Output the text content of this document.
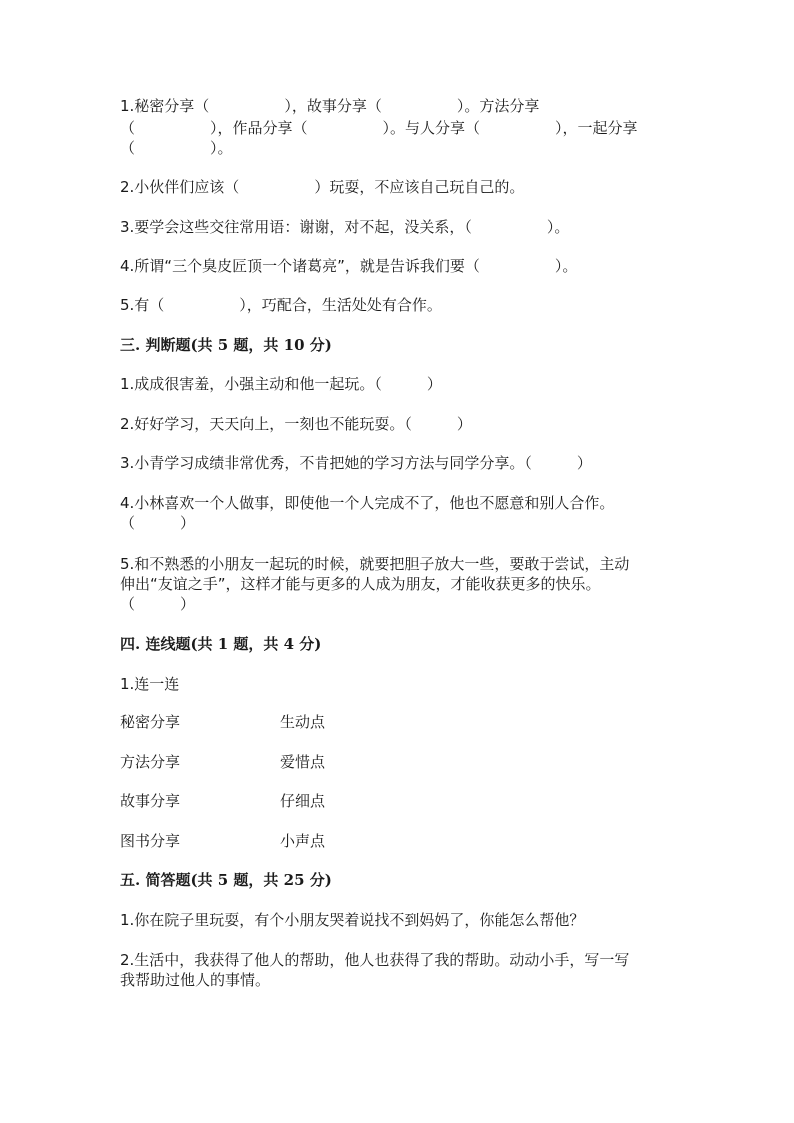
1.秘密分享（　　　　　），故事分享（　　　　　）。方法分享
（　　　　　），作品分享（　　　　　）。与人分享（　　　　　），一起分享
（　　　　　）。
2.小伙伴们应该（　　　　　）玩耍，不应该自己玩自己的。
3.要学会这些交往常用语：谢谢，对不起，没关系，（　　　　　）。
4.所谓“三个臭皮匠顶一个诸葛亮”，就是告诉我们要（　　　　　）。
5.有（　　　　　），巧配合，生活处处有合作。
三. 判断题(共 5 题，共 10 分)
1.成成很害羞，小强主动和他一起玩。（　　　）
2.好好学习，天天向上，一刻也不能玩耍。（　　　）
3.小青学习成绩非常优秀，不肯把她的学习方法与同学分享。（　　　）
4.小林喜欢一个人做事，即使他一个人完成不了，他也不愿意和别人合作。
（　　　）
5.和不熟悉的小朋友一起玩的时候，就要把胆子放大一些，要敢于尝试，主动
伸出“友谊之手”，这样才能与更多的人成为朋友，才能收获更多的快乐。
（　　　）
四. 连线题(共 1 题，共 4 分)
1.连一连
秘密分享	生动点
方法分享	爱惜点
故事分享	仔细点
图书分享	小声点
五. 简答题(共 5 题，共 25 分)
1.你在院子里玩耍，有个小朋友哭着说找不到妈妈了，你能怎么帮他？
2.生活中，我获得了他人的帮助，他人也获得了我的帮助。动动小手，写一写
我帮助过他人的事情。
